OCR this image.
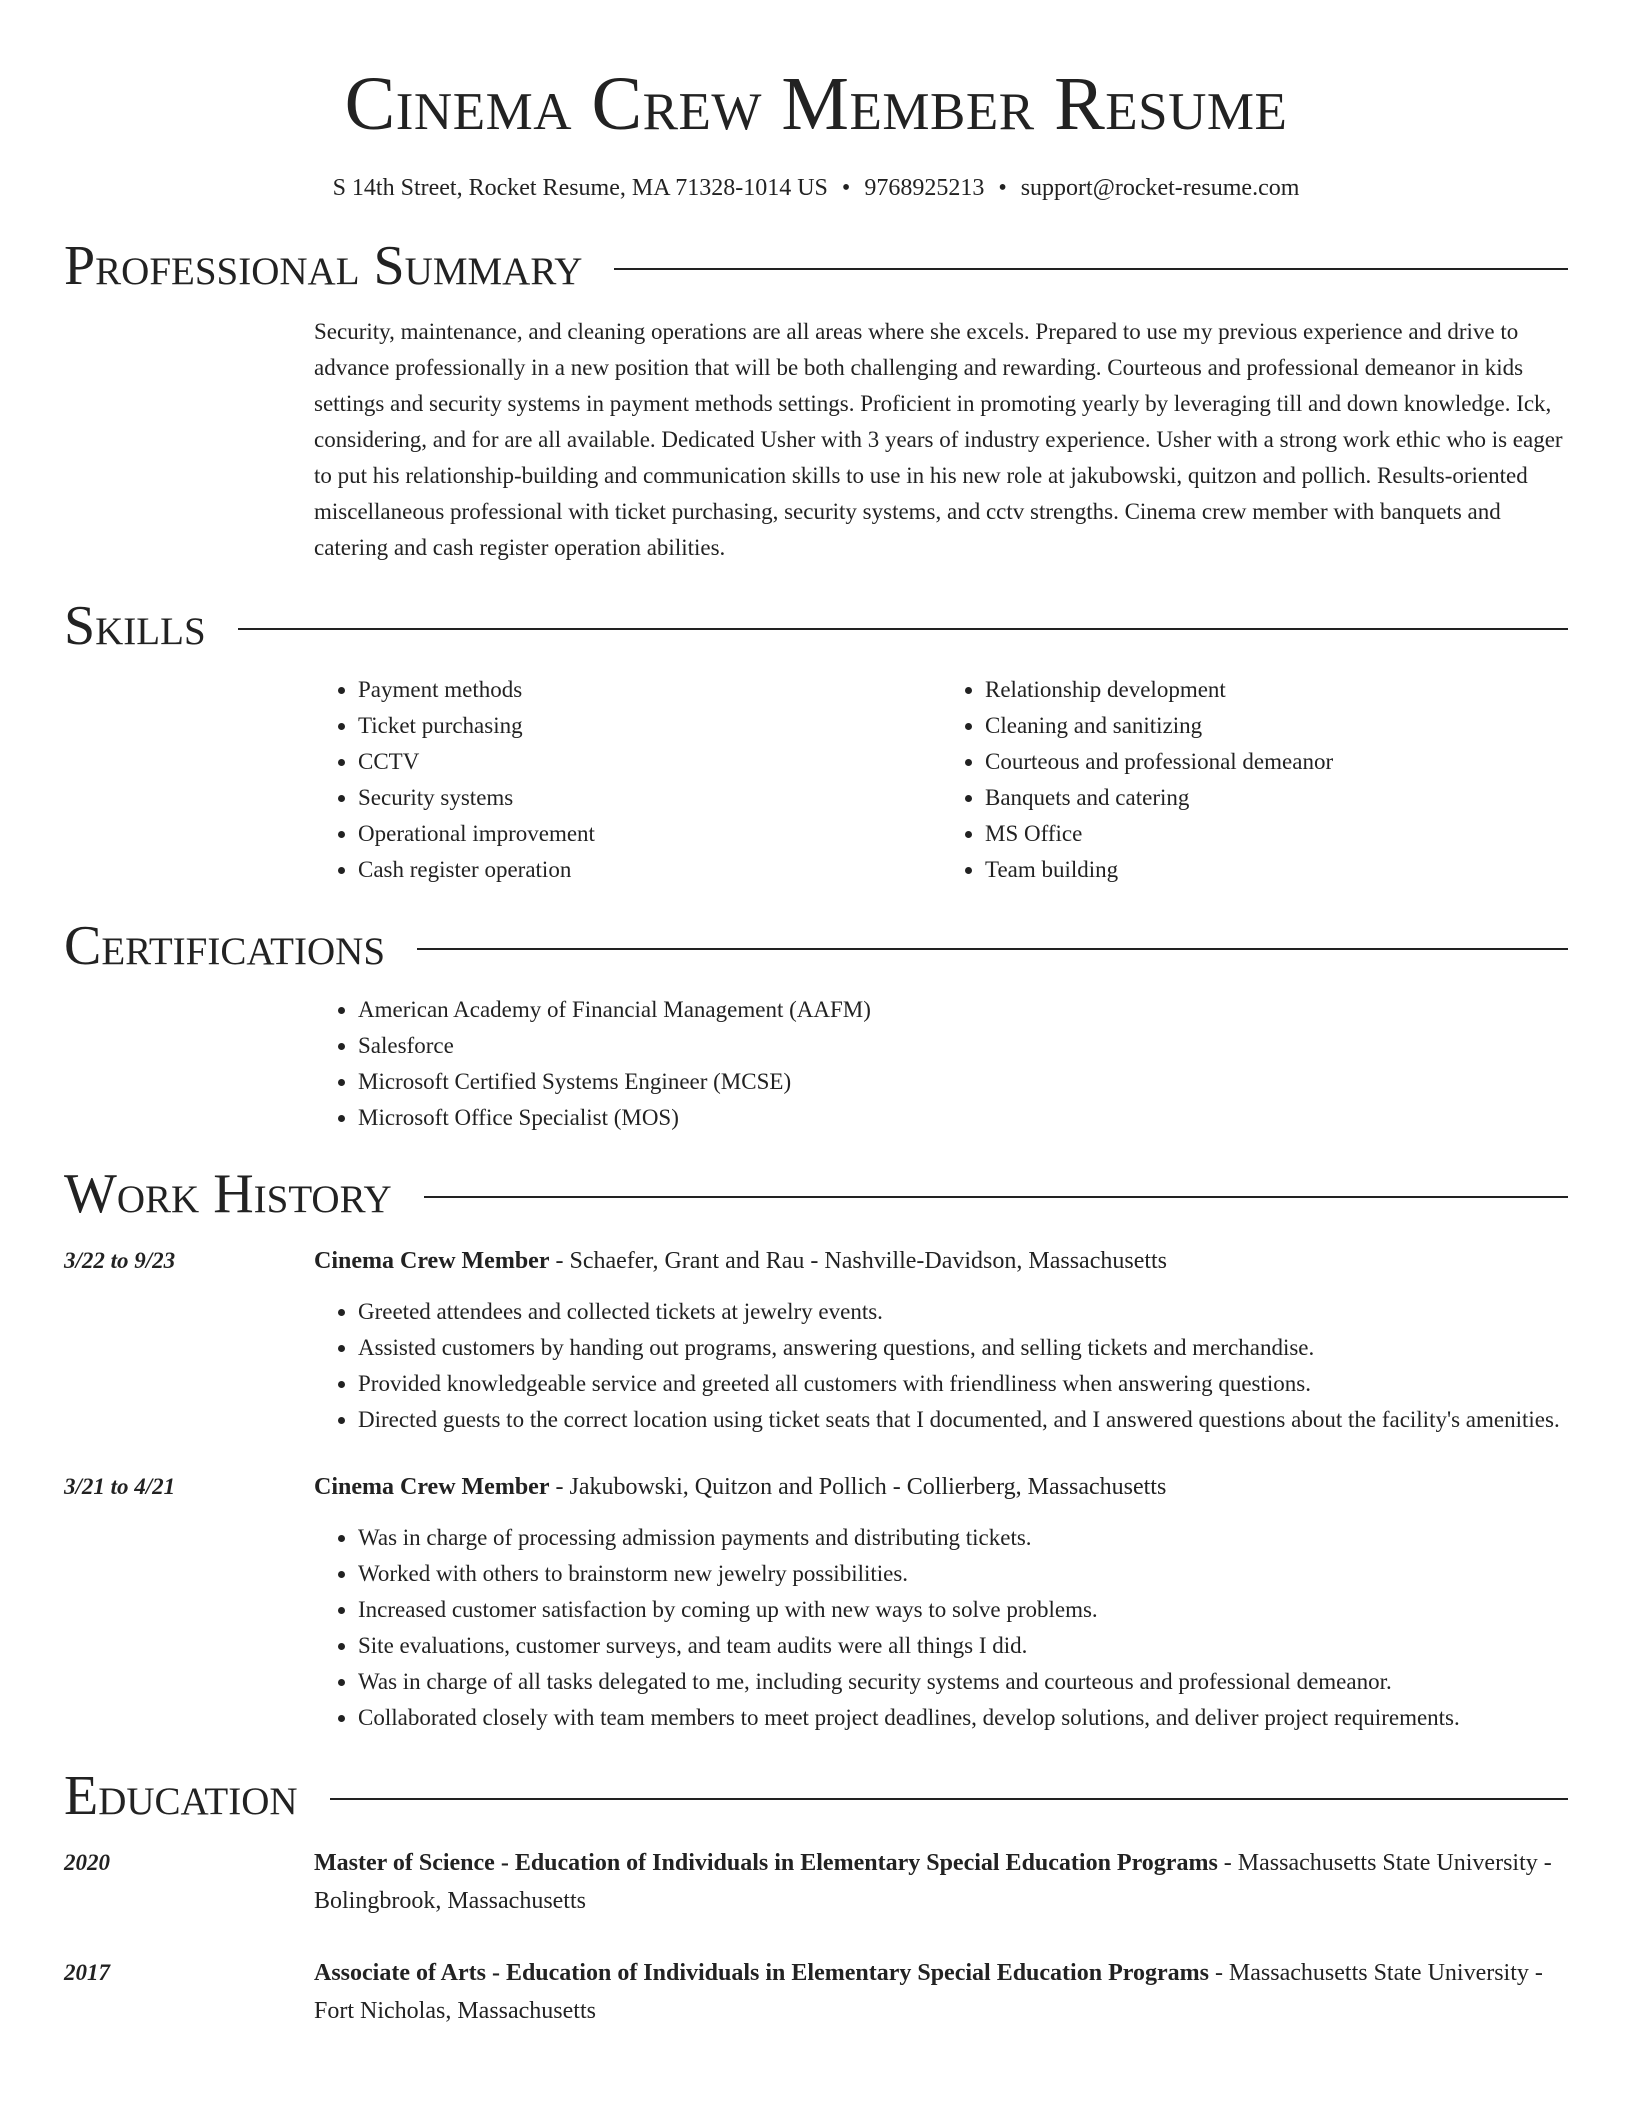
Cinema Crew Member Resume
S 14th Street, Rocket Resume, MA 71328-1014 US • 9768925213 • support@rocket-resume.com
Professional Summary

Security, maintenance, and cleaning operations are all areas where she excels. Prepared to use my previous experience and drive to advance professionally in a new position that will be both challenging and rewarding. Courteous and professional demeanor in kids settings and security systems in payment methods settings. Proficient in promoting yearly by leveraging till and down knowledge. Ick, considering, and for are all available. Dedicated Usher with 3 years of industry experience. Usher with a strong work ethic who is eager to put his relationship-building and communication skills to use in his new role at jakubowski, quitzon and pollich. Results-oriented miscellaneous professional with ticket purchasing, security systems, and cctv strengths. Cinema crew member with banquets and catering and cash register operation abilities.

Skills
• Payment methods
• Ticket purchasing
• CCTV
• Security systems
• Operational improvement
• Cash register operation
• Relationship development
• Cleaning and sanitizing
• Courteous and professional demeanor
• Banquets and catering
• MS Office
• Team building
Certifications
• American Academy of Financial Management (AAFM)
• Salesforce
• Microsoft Certified Systems Engineer (MCSE)
• Microsoft Office Specialist (MOS)
Work History
3/22 to 9/23	Cinema Crew Member - Schaefer, Grant and Rau - Nashville-Davidson, Massachusetts
• Greeted attendees and collected tickets at jewelry events.
• Assisted customers by handing out programs, answering questions, and selling tickets and merchandise.
• Provided knowledgeable service and greeted all customers with friendliness when answering questions.
• Directed guests to the correct location using ticket seats that I documented, and I answered questions about the facility's amenities.
3/21 to 4/21	Cinema Crew Member - Jakubowski, Quitzon and Pollich - Collierberg, Massachusetts
• Was in charge of processing admission payments and distributing tickets.
• Worked with others to brainstorm new jewelry possibilities.
• Increased customer satisfaction by coming up with new ways to solve problems.
• Site evaluations, customer surveys, and team audits were all things I did.
• Was in charge of all tasks delegated to me, including security systems and courteous and professional demeanor.
• Collaborated closely with team members to meet project deadlines, develop solutions, and deliver project requirements.
Education
2020	Master of Science - Education of Individuals in Elementary Special Education Programs - Massachusetts State University - Bolingbrook, Massachusetts
2017	Associate of Arts - Education of Individuals in Elementary Special Education Programs - Massachusetts State University - Fort Nicholas, Massachusetts
